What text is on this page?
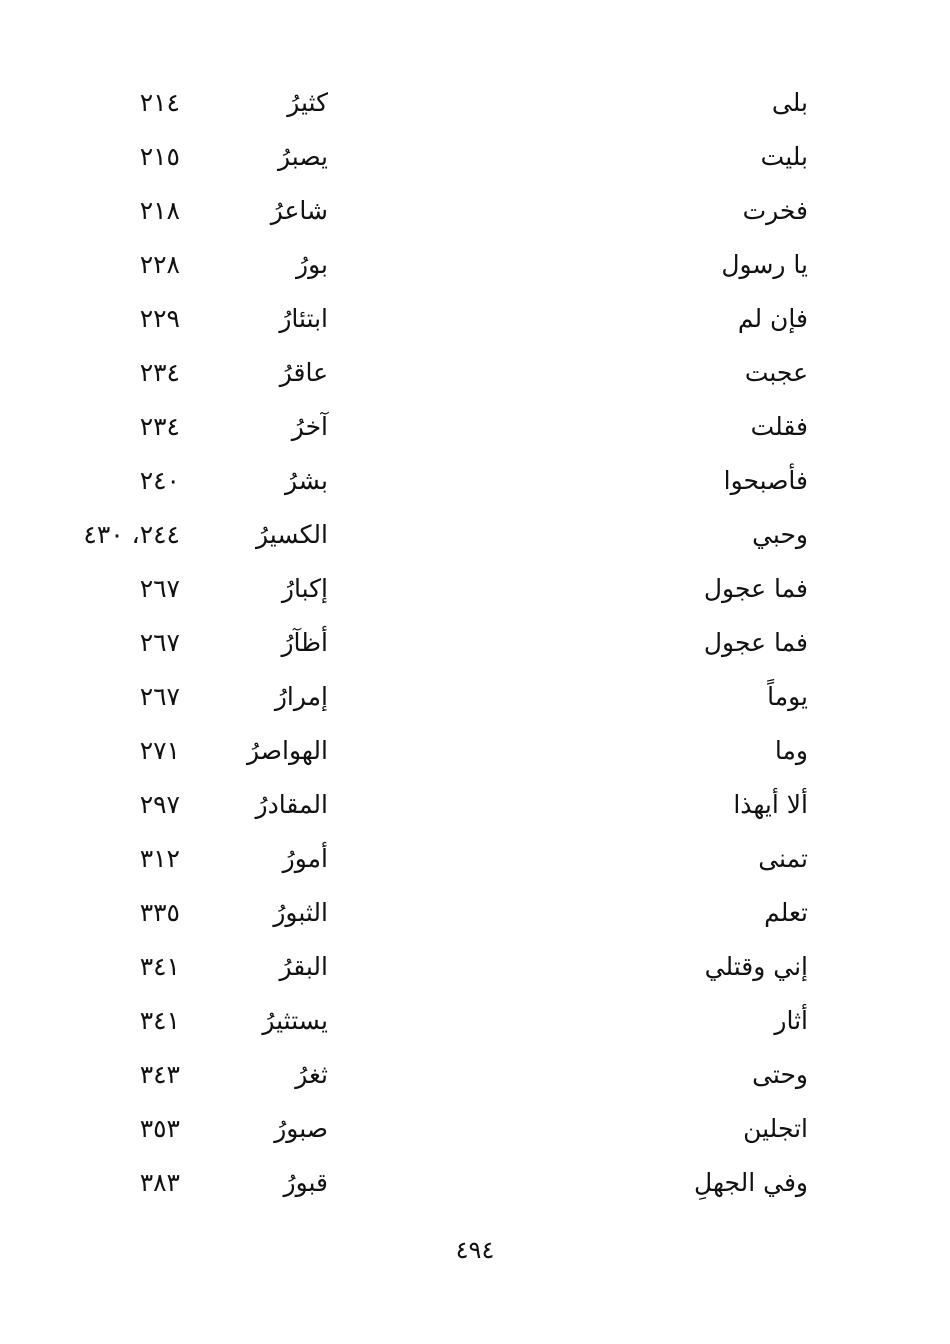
بلى
كثيرُ
٢١٤
بليت
يصبرُ
٢١٥
فخرت
شاعرُ
٢١٨
يا رسول
بورُ
٢٢٨
فإن لم
ابتئارُ
٢٢٩
عجبت
عاقرُ
٢٣٤
فقلت
آخرُ
٢٣٤
فأصبحوا
بشرُ
٢٤٠
وحبي
الكسيرُ
٢٤٤، ٤٣٠
فما عجول
إكبارُ
٢٦٧
فما عجول
أظآرُ
٢٦٧
يوماً
إمرارُ
٢٦٧
وما
الهواصرُ
٢٧١
ألا أيهذا
المقادرُ
٢٩٧
تمنى
أمورُ
٣١٢
تعلم
الثبورُ
٣٣٥
إني وقتلي
البقرُ
٣٤١
أثار
يستثيرُ
٣٤١
وحتى
ثغرُ
٣٤٣
اتجلين
صبورُ
٣٥٣
وفي الجهلِ
قبورُ
٣٨٣
٤٩٤
